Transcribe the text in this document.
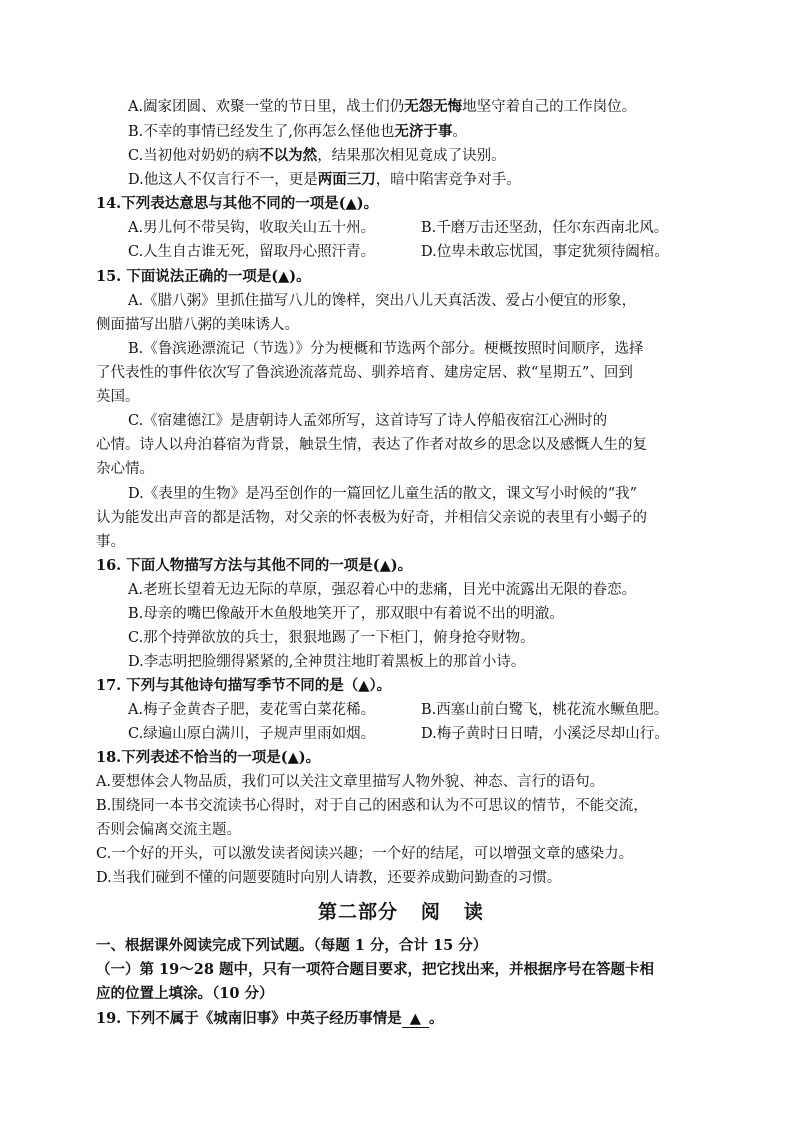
A.阖家团圆、欢聚一堂的节日里，战士们仍无怨无悔地坚守着自己的工作岗位。
B.不幸的事情已经发生了,你再怎么怪他也无济于事。
C.当初他对奶奶的病不以为然，结果那次相见竟成了诀别。
D.他这人不仅言行不一，更是两面三刀，暗中陷害竞争对手。
14.下列表达意思与其他不同的一项是(▲)。
A.男儿何不带吴钩，收取关山五十州。	B.千磨万击还坚劲，任尔东西南北风。
C.人生自古谁无死，留取丹心照汗青。	D.位卑未敢忘忧国，事定犹须待阖棺。
15. 下面说法正确的一项是(▲)。
A.《腊八粥》里抓住描写八儿的馋样，突出八儿天真活泼、爱占小便宜的形象，
侧面描写出腊八粥的美味诱人。
B.《鲁滨逊漂流记（节选）》分为梗概和节选两个部分。梗概按照时间顺序，选择
了代表性的事件依次写了鲁滨逊流落荒岛、驯养培育、建房定居、救“星期五”、回到
英国。
C.《宿建德江》是唐朝诗人孟郊所写，这首诗写了诗人停船夜宿江心洲时的
心情。诗人以舟泊暮宿为背景，触景生情，表达了作者对故乡的思念以及感慨人生的复
杂心情。
D.《表里的生物》是冯至创作的一篇回忆儿童生活的散文，课文写小时候的“我”
认为能发出声音的都是活物，对父亲的怀表极为好奇，并相信父亲说的表里有小蝎子的
事。
16. 下面人物描写方法与其他不同的一项是(▲)。
A.老班长望着无边无际的草原，强忍着心中的悲痛，目光中流露出无限的眷恋。
B.母亲的嘴巴像敲开木鱼般地笑开了，那双眼中有着说不出的明澈。
C.那个持弹欲放的兵士，狠狠地踢了一下柜门，俯身抢夺财物。
D.李志明把脸绷得紧紧的,全神贯注地盯着黑板上的那首小诗。
17. 下列与其他诗句描写季节不同的是（▲）。
A.梅子金黄杏子肥，麦花雪白菜花稀。	B.西塞山前白鹭飞，桃花流水鳜鱼肥。
C.绿遍山原白满川，子规声里雨如烟。	D.梅子黄时日日晴，小溪泛尽却山行。
18.下列表述不恰当的一项是(▲)。
A.要想体会人物品质，我们可以关注文章里描写人物外貌、神态、言行的语句。
B.围绕同一本书交流读书心得时，对于自己的困惑和认为不可思议的情节，不能交流，
否则会偏离交流主题。
C.一个好的开头，可以激发读者阅读兴趣；一个好的结尾，可以增强文章的感染力。
D.当我们碰到不懂的问题要随时向别人请教，还要养成勤问勤查的习惯。
第二部分   阅   读
一、根据课外阅读完成下列试题。（每题 1 分，合计 15 分）
（一）第 19～28 题中，只有一项符合题目要求，把它找出来，并根据序号在答题卡相
应的位置上填涂。（10 分）
19. 下列不属于《城南旧事》中英子经历事情是 ▲ 。
